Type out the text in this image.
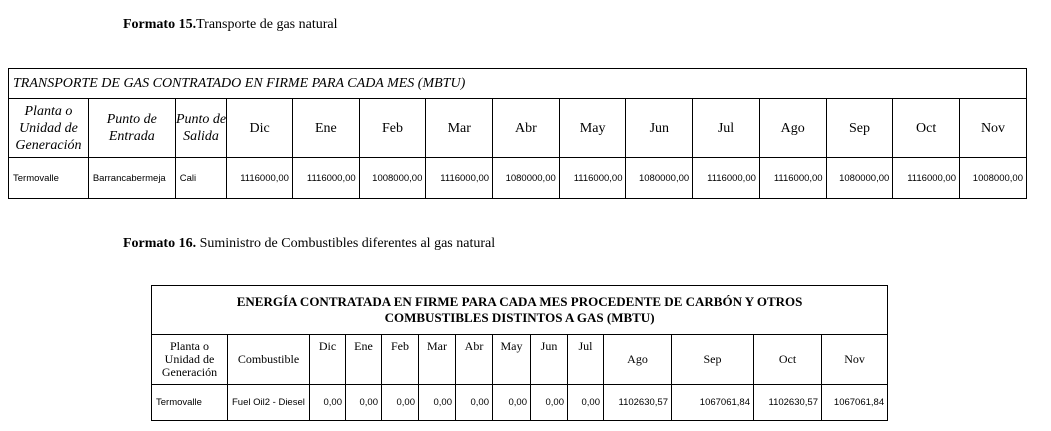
Formato 15.Transporte de gas natural
TRANSPORTE DE GAS CONTRATADO EN FIRME PARA CADA MES (MBTU)														
Planta o Unidad de Generación	Punto de Entrada	Punto de Salida	Dic	Ene	Feb	Mar	Abr	May	Jun	Jul	Ago	Sep	Oct	Nov
Termovalle	Barrancabermeja	Cali	1116000,00	1116000,00	1008000,00	1116000,00	1080000,00	1116000,00	1080000,00	1116000,00	1116000,00	1080000,00	1116000,00	1008000,00
Formato 16. Suministro de Combustibles diferentes al gas natural
ENERGÍA CONTRATADA EN FIRME PARA CADA MES PROCEDENTE DE CARBÓN Y OTROS
COMBUSTIBLES DISTINTOS A GAS (MBTU)													

Planta o Unidad de Generación	Combustible	Dic	Ene	Feb	Mar	Abr	May	Jun	Jul	Ago	Sep	Oct	Nov
Termovalle	Fuel Oil2 - Diesel	0,00	0,00	0,00	0,00	0,00	0,00	0,00	0,00	1102630,57	1067061,84	1102630,57	1067061,84
